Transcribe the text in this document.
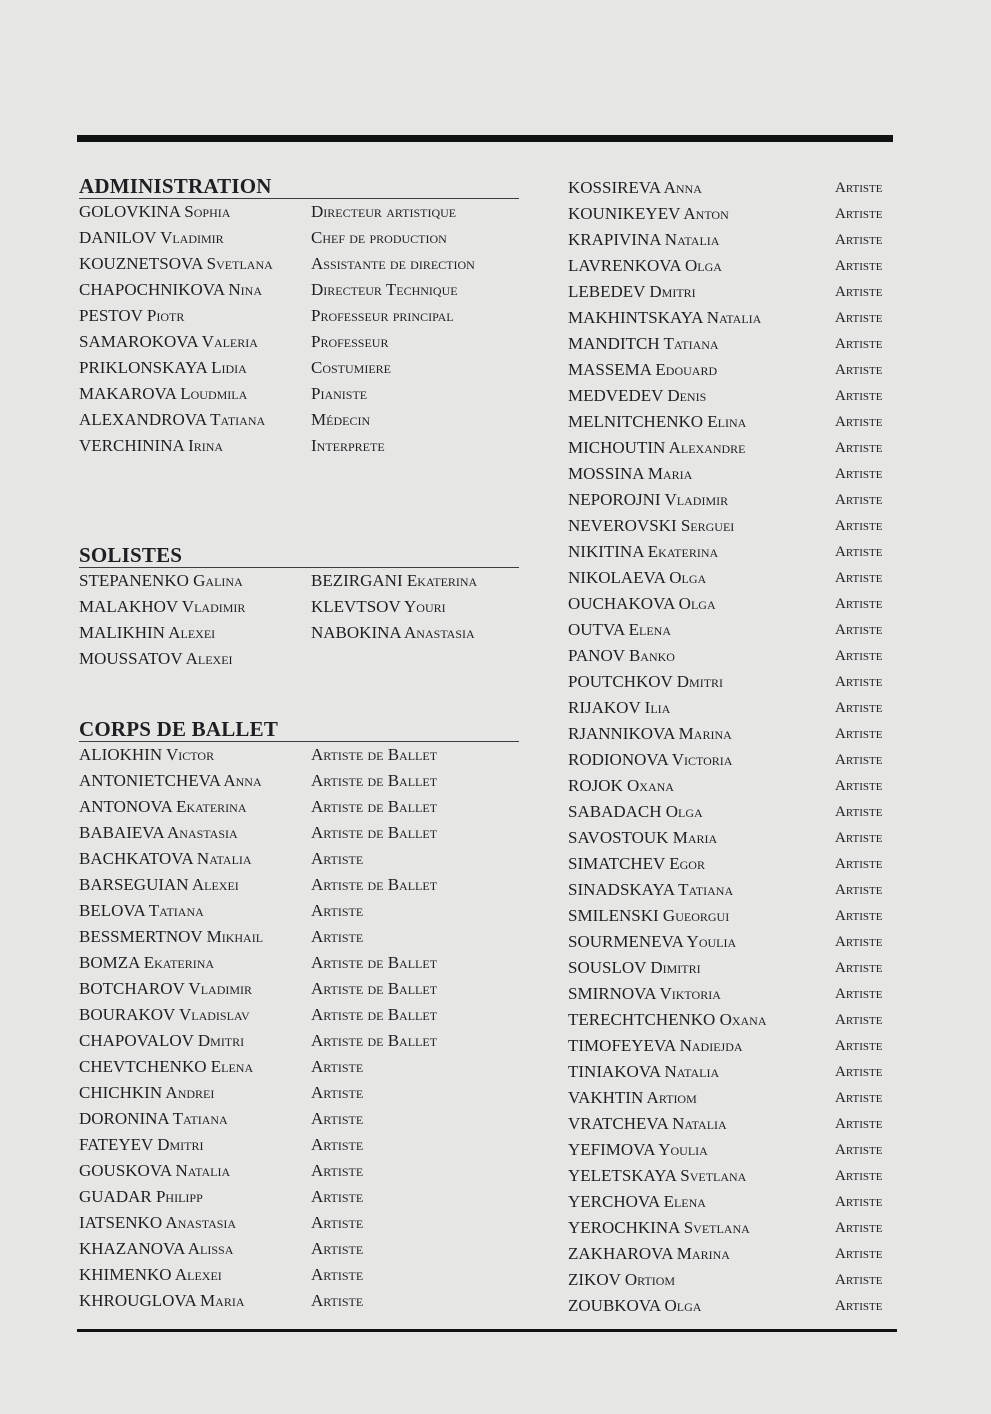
ADMINISTRATION
GOLOVKINA Sophia	Directeur artistique
DANILOV Vladimir	Chef de production
KOUZNETSOVA Svetlana	Assistante de direction
CHAPOCHNIKOVA Nina	Directeur Technique
PESTOV Piotr	Professeur principal
SAMAROKOVA Valeria	Professeur
PRIKLONSKAYA Lidia	Costumiere
MAKAROVA Loudmila	Pianiste
ALEXANDROVA Tatiana	Médecin
VERCHININA Irina	Interprete
SOLISTES
STEPANENKO Galina	BEZIRGANI Ekaterina
MALAKHOV Vladimir	KLEVTSOV Youri
MALIKHIN Alexei	NABOKINA Anastasia
MOUSSATOV Alexei
CORPS DE BALLET
ALIOKHIN Victor	Artiste de Ballet
ANTONIETCHEVA Anna	Artiste de Ballet
ANTONOVA Ekaterina	Artiste de Ballet
BABAIEVA Anastasia	Artiste de Ballet
BACHKATOVA Natalia	Artiste
BARSEGUIAN Alexei	Artiste de Ballet
BELOVA Tatiana	Artiste
BESSMERTNOV Mikhail	Artiste
BOMZA Ekaterina	Artiste de Ballet
BOTCHAROV Vladimir	Artiste de Ballet
BOURAKOV Vladislav	Artiste de Ballet
CHAPOVALOV Dmitri	Artiste de Ballet
CHEVTCHENKO Elena	Artiste
CHICHKIN Andrei	Artiste
DORONINA Tatiana	Artiste
FATEYEV Dmitri	Artiste
GOUSKOVA Natalia	Artiste
GUADAR Philipp	Artiste
IATSENKO Anastasia	Artiste
KHAZANOVA Alissa	Artiste
KHIMENKO Alexei	Artiste
KHROUGLOVA Maria	Artiste
KOSSIREVA Anna	Artiste
KOUNIKEYEV Anton	Artiste
KRAPIVINA Natalia	Artiste
LAVRENKOVA Olga	Artiste
LEBEDEV Dmitri	Artiste
MAKHINTSKAYA Natalia	Artiste
MANDITCH Tatiana	Artiste
MASSEMA Edouard	Artiste
MEDVEDEV Denis	Artiste
MELNITCHENKO Elina	Artiste
MICHOUTIN Alexandre	Artiste
MOSSINA Maria	Artiste
NEPOROJNI Vladimir	Artiste
NEVEROVSKI Serguei	Artiste
NIKITINA Ekaterina	Artiste
NIKOLAEVA Olga	Artiste
OUCHAKOVA Olga	Artiste
OUTVA Elena	Artiste
PANOV Banko	Artiste
POUTCHKOV Dmitri	Artiste
RIJAKOV Ilia	Artiste
RJANNIKOVA Marina	Artiste
RODIONOVA Victoria	Artiste
ROJOK Oxana	Artiste
SABADACH Olga	Artiste
SAVOSTOUK Maria	Artiste
SIMATCHEV Egor	Artiste
SINADSKAYA Tatiana	Artiste
SMILENSKI Gueorgui	Artiste
SOURMENEVA Youlia	Artiste
SOUSLOV Dimitri	Artiste
SMIRNOVA Viktoria	Artiste
TERECHTCHENKO Oxana	Artiste
TIMOFEYEVA Nadiejda	Artiste
TINIAKOVA Natalia	Artiste
VAKHTIN Artiom	Artiste
VRATCHEVA Natalia	Artiste
YEFIMOVA Youlia	Artiste
YELETSKAYA Svetlana	Artiste
YERCHOVA Elena	Artiste
YEROCHKINA Svetlana	Artiste
ZAKHAROVA Marina	Artiste
ZIKOV Ortiom	Artiste
ZOUBKOVA Olga	Artiste
